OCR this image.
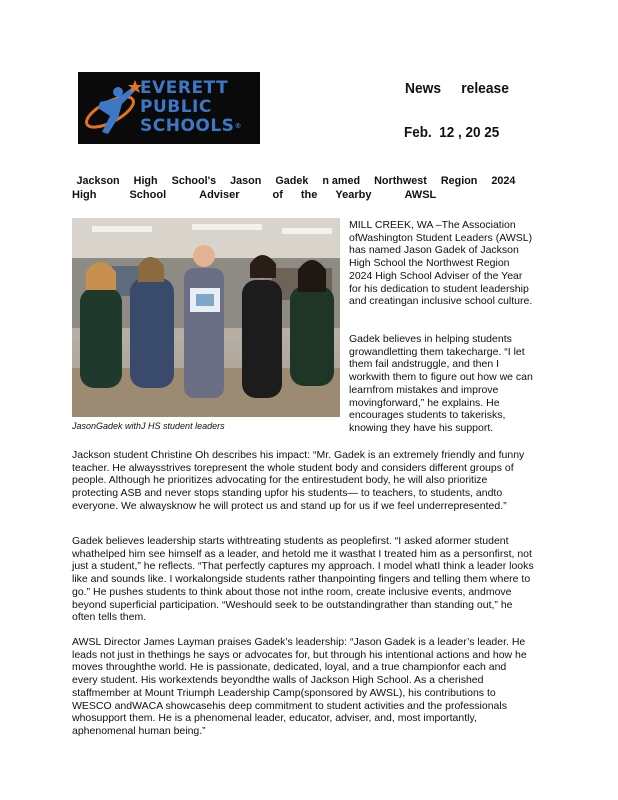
EVERETT
PUBLIC
SCHOOLS®
News release
Feb.  12 , 20 25
Jackson High School's Jason Gadek n amed Northwest Region 2024
High	School	Adviser	of the Yearby	AWSL
JasonGadek withJ HS student leaders

MILL CREEK, WA –The Association ofWashington Student Leaders (AWSL) has named Jason Gadek of Jackson High School the Northwest Region 2024 High School Adviser of the Year for his dedication to student leadership and creatingan inclusive school culture.

Gadek believes in helping students growandletting them takecharge. “I let them fail andstruggle, and then I workwith them to figure out how we can learnfrom mistakes and improve movingforward,” he explains. He encourages students to takerisks, knowing they have his support.

Jackson student Christine Oh describes his impact: “Mr. Gadek is an extremely friendly and funny teacher. He alwaysstrives torepresent the whole student body and considers different groups of people. Although he prioritizes advocating for the entirestudent body, he will also prioritize protecting ASB and never stops standing upfor his students— to teachers, to students, andto everyone. We alwaysknow he will protect us and stand up for us if we feel underrepresented.”

Gadek believes leadership starts withtreating students as peoplefirst. “I asked aformer student whathelped him see himself as a leader, and hetold me it wasthat I treated him as a personfirst, not just a student,” he reflects. “That perfectly captures my approach. I model whatI think a leader looks like and sounds like. I workalongside students rather thanpointing fingers and telling them where to go.” He pushes students to think about those not inthe room, create inclusive events, andmove beyond superficial participation. “Weshould seek to be outstandingrather than standing out,” he often tells them.

AWSL Director James Layman praises Gadek’s leadership: “Jason Gadek is a leader’s leader. He leads not just in thethings he says or advocates for, but through his intentional actions and how he moves throughthe world. He is passionate, dedicated, loyal, and a true championfor each and every student. His workextends beyondthe walls of Jackson High School. As a cherished staffmember at Mount Triumph Leadership Camp(sponsored by AWSL), his contributions to WESCO andWACA showcasehis deep commitment to student activities and the professionals whosupport them. He is a phenomenal leader, educator, adviser, and, most importantly, aphenomenal human being.”
